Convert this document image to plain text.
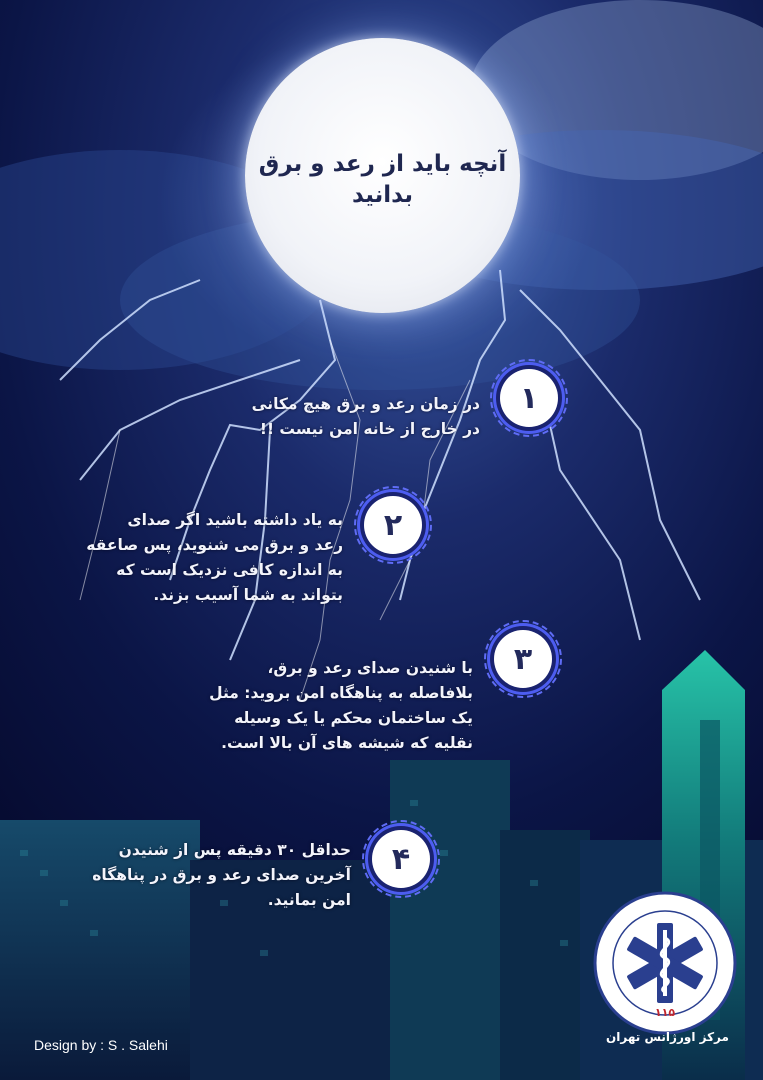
آنچه باید از رعد و برق بدانید
۱
در زمان رعد و برق هیچ مکانی
در خارج از خانه امن نیست !!
۲
به یاد داشته باشید اگر صدای
رعد و برق می شنوید، پس صاعقه
به اندازه کافی نزدیک است که
بتواند به شما آسیب بزند.
۳
با شنیدن صدای رعد و برق،
بلافاصله به پناهگاه امن بروید: مثل
یک ساختمان محکم یا یک وسیله
نقلیه که شیشه های آن بالا است.
۴
حداقل ۳۰ دقیقه پس از شنیدن
آخرین صدای رعد و برق در پناهگاه
امن بمانید.
Design by : S . Salehi
۱۱۵
مرکز اورژانس تهران
